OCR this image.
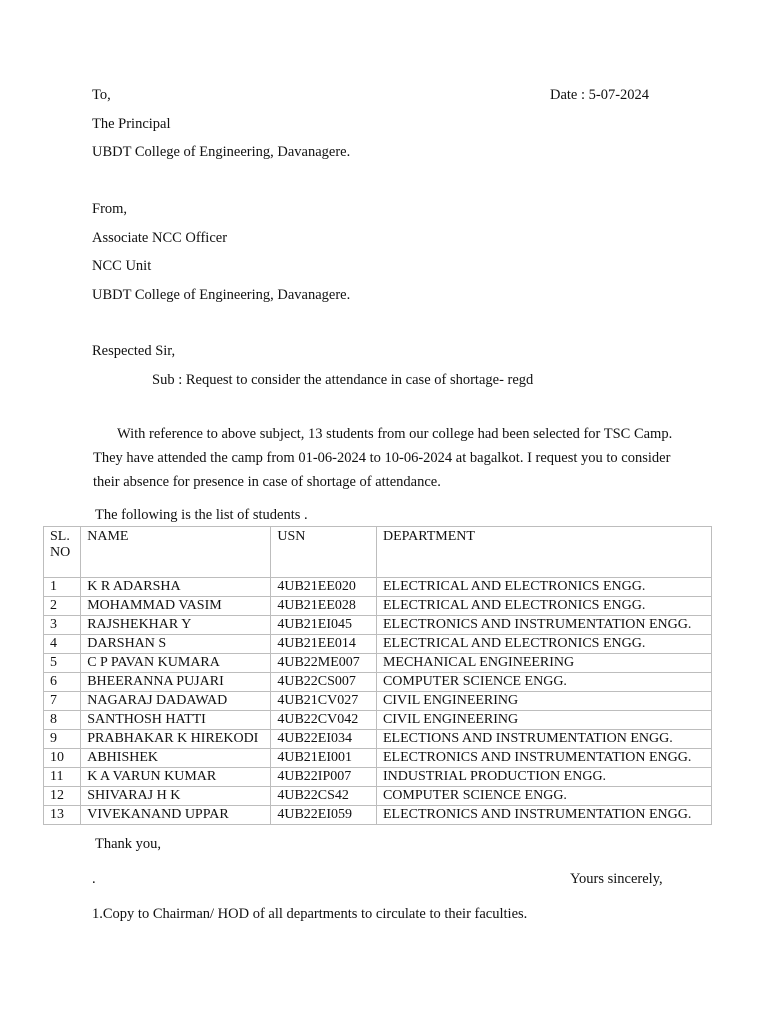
To,	Date : 5-07-2024
The Principal
UBDT College of Engineering, Davanagere.
From,
Associate NCC Officer
NCC Unit
UBDT College of Engineering, Davanagere.
Respected Sir,
Sub : Request to consider the attendance in case of shortage- regd
With reference to above subject, 13 students from our college had been selected for TSC Camp.
They have attended the camp from 01-06-2024 to 10-06-2024 at bagalkot. I request you to consider
their absence for presence in case of shortage of attendance.
The following is the list of students .
SL.NO	NAME	USN	DEPARTMENT
1	K R ADARSHA	4UB21EE020	ELECTRICAL AND ELECTRONICS ENGG.
2	MOHAMMAD VASIM	4UB21EE028	ELECTRICAL AND ELECTRONICS ENGG.
3	RAJSHEKHAR Y	4UB21EI045	ELECTRONICS AND INSTRUMENTATION ENGG.
4	DARSHAN S	4UB21EE014	ELECTRICAL AND ELECTRONICS ENGG.
5	C P PAVAN KUMARA	4UB22ME007	MECHANICAL ENGINEERING
6	BHEERANNA PUJARI	4UB22CS007	COMPUTER SCIENCE ENGG.
7	NAGARAJ DADAWAD	4UB21CV027	CIVIL ENGINEERING
8	SANTHOSH HATTI	4UB22CV042	CIVIL ENGINEERING
9	PRABHAKAR K HIREKODI	4UB22EI034	ELECTIONS AND INSTRUMENTATION ENGG.
10	ABHISHEK	4UB21EI001	ELECTRONICS AND INSTRUMENTATION ENGG.
11	K A VARUN KUMAR	4UB22IP007	INDUSTRIAL PRODUCTION ENGG.
12	SHIVARAJ H K	4UB22CS42	COMPUTER SCIENCE ENGG.
13	VIVEKANAND UPPAR	4UB22EI059	ELECTRONICS AND INSTRUMENTATION ENGG.
Thank you,
.	Yours sincerely,
1.Copy to Chairman/ HOD of all departments to circulate to their faculties.
